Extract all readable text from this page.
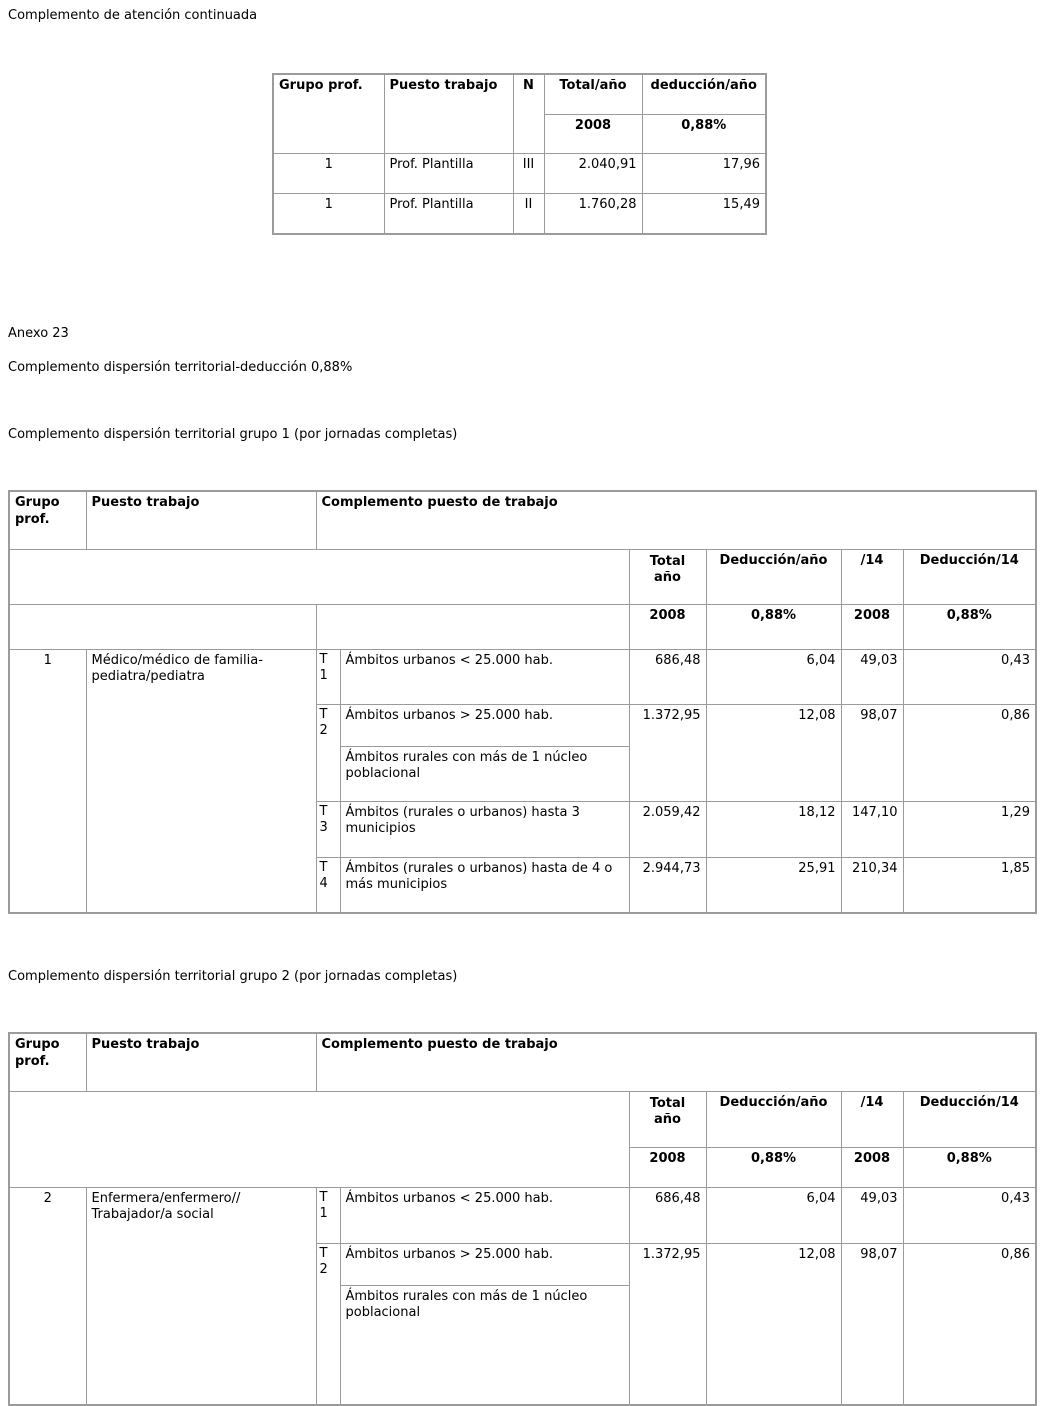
Complemento de atención continuada
Grupo prof.	Puesto trabajo	N	Total/año	deducción/año
			2008	0,88%
1	Prof. Plantilla	III	2.040,91	17,96
1	Prof. Plantilla	II	1.760,28	15,49
Anexo 23
Complemento dispersión territorial-deducción 0,88%
Complemento dispersión territorial grupo 1 (por jornadas completas)
Grupo prof.	Puesto trabajo	Complemento puesto de trabajo					
				Total año	Deducción/año	/14	Deducción/14
				2008	0,88%	2008	0,88%
1	Médico/médico de familia-pediatra/pediatra	T 1	Ámbitos urbanos < 25.000 hab.	686,48	6,04	49,03	0,43
		T 2	Ámbitos urbanos > 25.000 hab.	1.372,95	12,08	98,07	0,86
			Ámbitos rurales con más de 1 núcleo poblacional				
		T 3	Ámbitos (rurales o urbanos) hasta 3 municipios	2.059,42	18,12	147,10	1,29
		T 4	Ámbitos (rurales o urbanos) hasta de 4 o más municipios	2.944,73	25,91	210,34	1,85
Complemento dispersión territorial grupo 2 (por jornadas completas)
Grupo prof.	Puesto trabajo	Complemento puesto de trabajo					
				Total año	Deducción/año	/14	Deducción/14
				2008	0,88%	2008	0,88%
2	Enfermera/enfermero// Trabajador/a social	T 1	Ámbitos urbanos < 25.000 hab.	686,48	6,04	49,03	0,43
		T 2	Ámbitos urbanos > 25.000 hab.	1.372,95	12,08	98,07	0,86
			Ámbitos rurales con más de 1 núcleo poblacional				
